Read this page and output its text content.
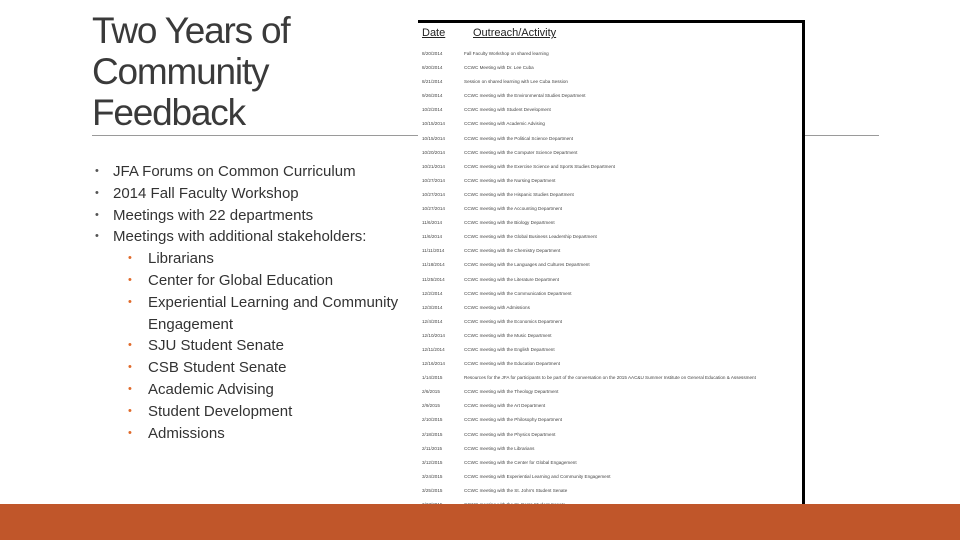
Two Years of Community Feedback
• JFA Forums on Common Curriculum
• 2014 Fall Faculty Workshop
• Meetings with 22 departments
• Meetings with additional stakeholders:
• Librarians
• Center for Global Education
• Experiential Learning and Community Engagement
• SJU Student Senate
• CSB Student Senate
• Academic Advising
• Student Development
• Admissions
Date	Outreach/Activity
8/20/2014	Fall Faculty Workshop on shared learning
8/20/2014	CCWC Meeting with Dr. Lee Cuba
8/21/2014	Session on shared learning with Lee Cuba Session
9/26/2014	CCWC meeting with the Environmental Studies Department
10/2/2014	CCWC meeting with Student Development
10/15/2014	CCWC meeting with Academic Advising
10/15/2014	CCWC meeting with the Political Science Department
10/20/2014	CCWC meeting with the Computer Science Department
10/21/2014	CCWC meeting with the Exercise Science and Sports Studies Department
10/27/2014	CCWC meeting with the Nursing Department
10/27/2014	CCWC meeting with the Hispanic Studies Department
10/27/2014	CCWC meeting with the Accounting Department
11/6/2014	CCWC meeting with the Biology Department
11/6/2014	CCWC meeting with the Global Business Leadership Department
11/11/2014	CCWC meeting with the Chemistry Department
11/18/2014	CCWC meeting with the Languages and Cultures Department
11/25/2014	CCWC meeting with the Literature Department
12/2/2014	CCWC meeting with the Communication Department
12/3/2014	CCWC meeting with Admissions
12/4/2014	CCWC meeting with the Economics Department
12/10/2014	CCWC meeting with the Music Department
12/11/2014	CCWC meeting with the English Department
12/16/2014	CCWC meeting with the Education Department
1/14/2015	Resources for the JFA for participants to be part of the conversation on the 2015 AAC&U Summer Institute on General Education & Assessment
2/6/2015	CCWC meeting with the Theology Department
2/9/2015	CCWC meeting with the Art Department
2/10/2015	CCWC meeting with the Philosophy Department
2/18/2015	CCWC meeting with the Physics Department
2/11/2015	CCWC meeting with the Librarians
3/12/2015	CCWC meeting with the Center for Global Engagement
3/24/2015	CCWC meeting with Experiential Learning and Community Engagement
3/25/2015	CCWC meeting with the St. John's Student Senate
